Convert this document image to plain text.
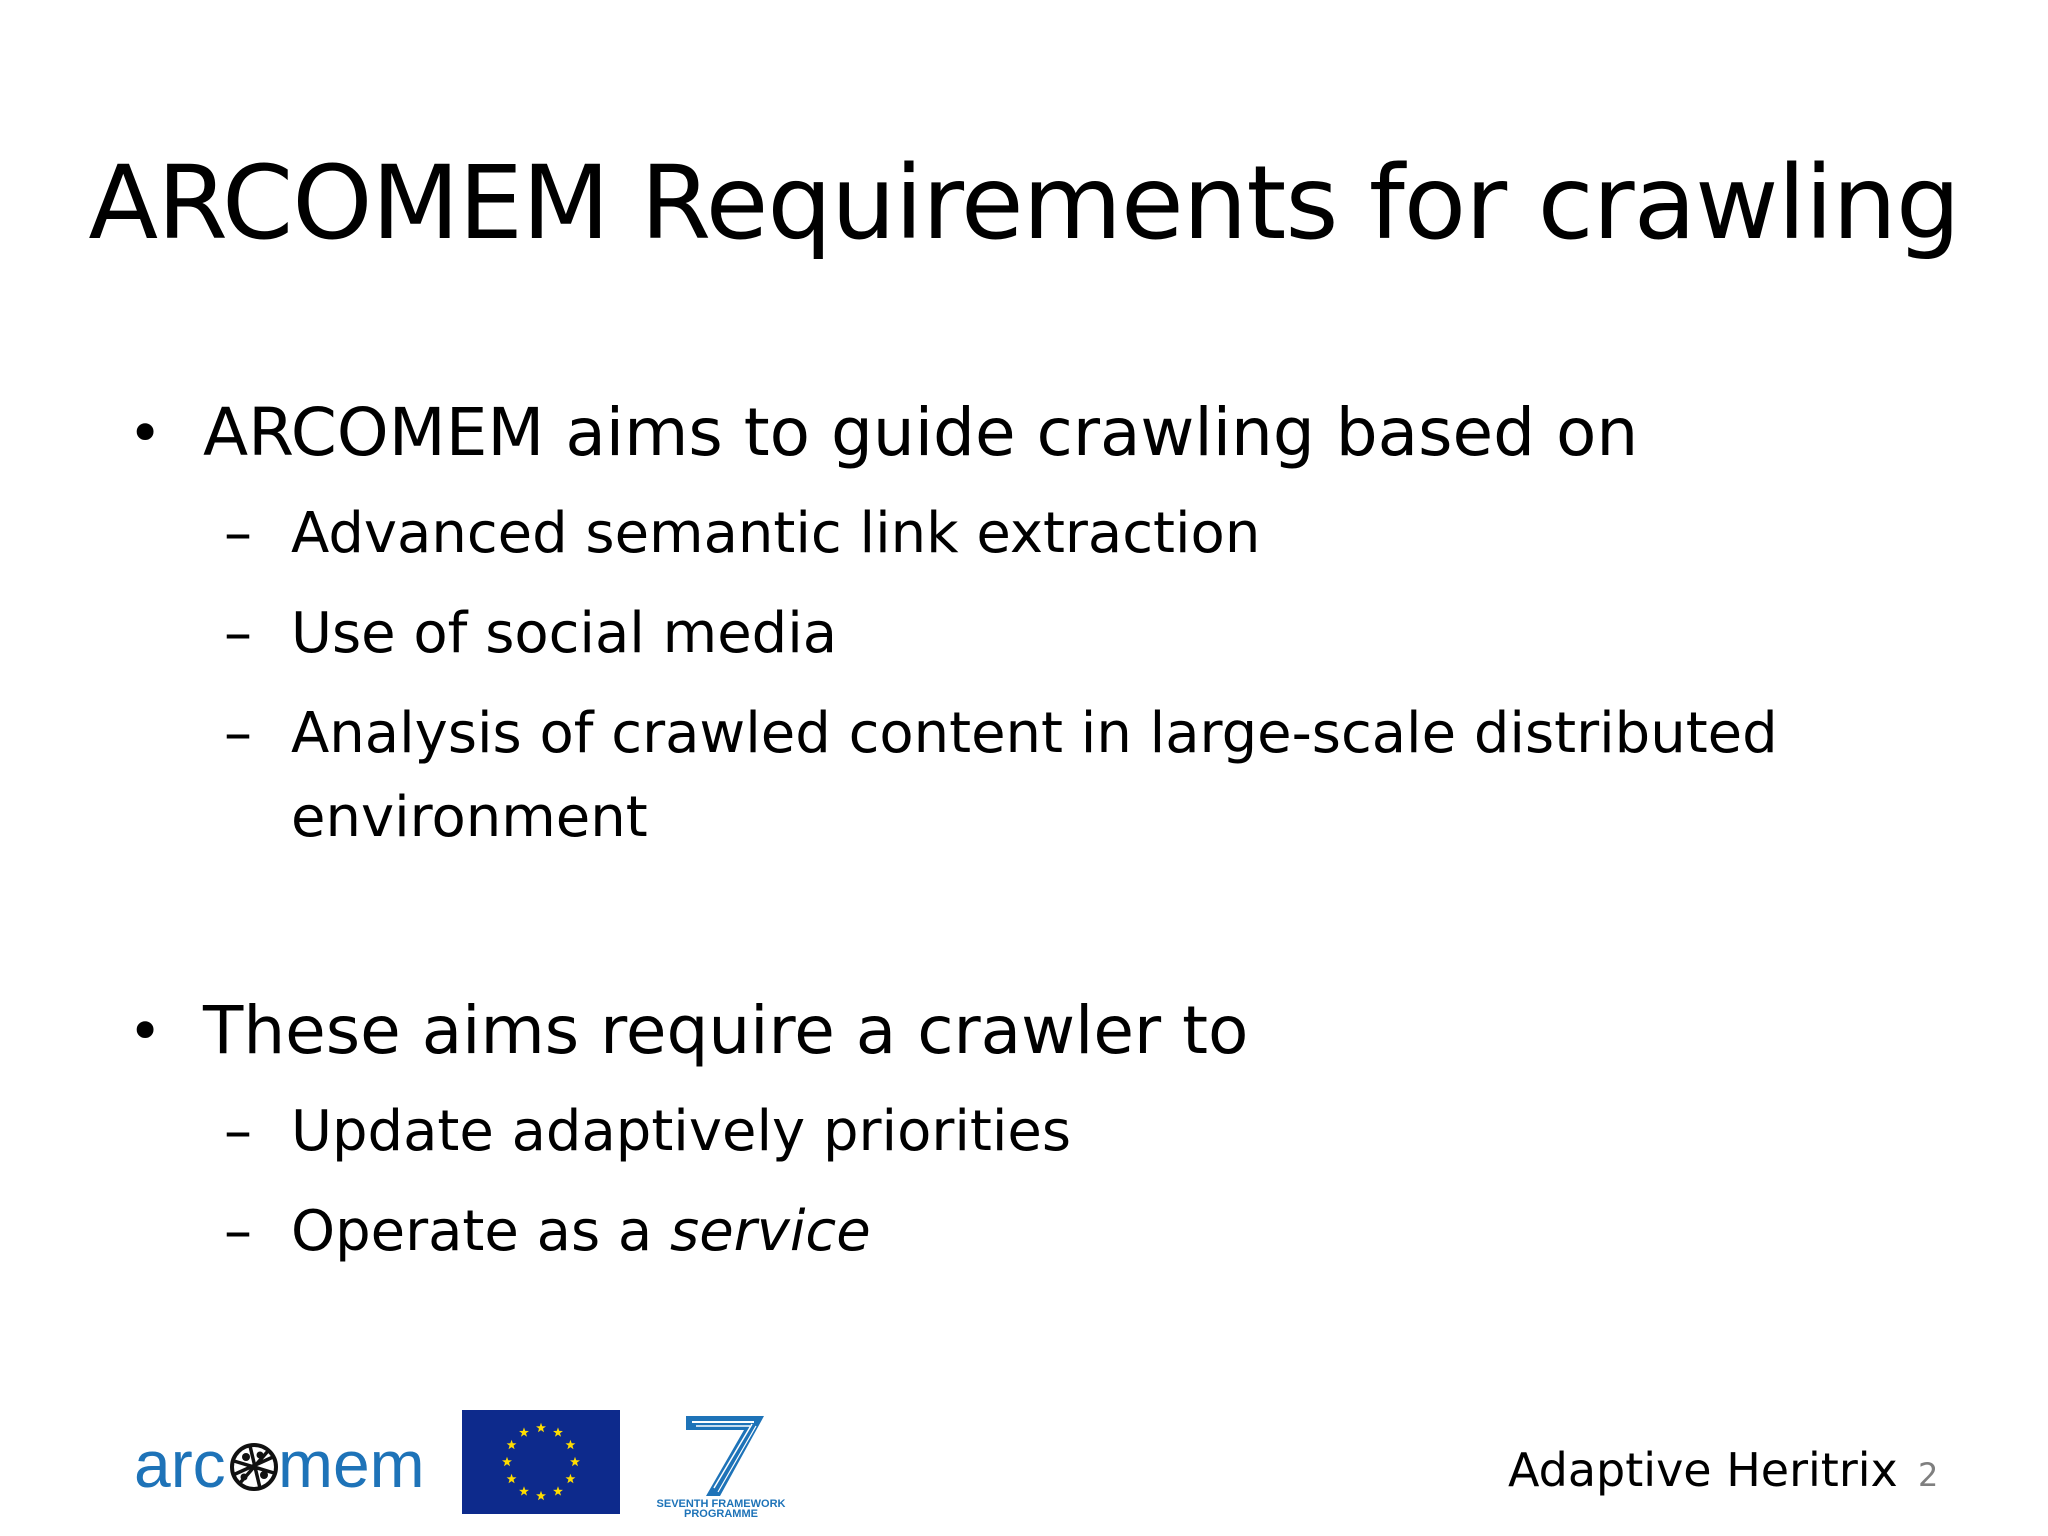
ARCOMEM Requirements for crawling
• ARCOMEM aims to guide crawling based on
– Advanced semantic link extraction
– Use of social media
– Analysis of crawled content in large-scale distributed
environment
• These aims require a crawler to
– Update adaptively priorities
– Operate as a service
arc mem
SEVENTH FRAMEWORK
PROGRAMME
Adaptive Heritrix 2
